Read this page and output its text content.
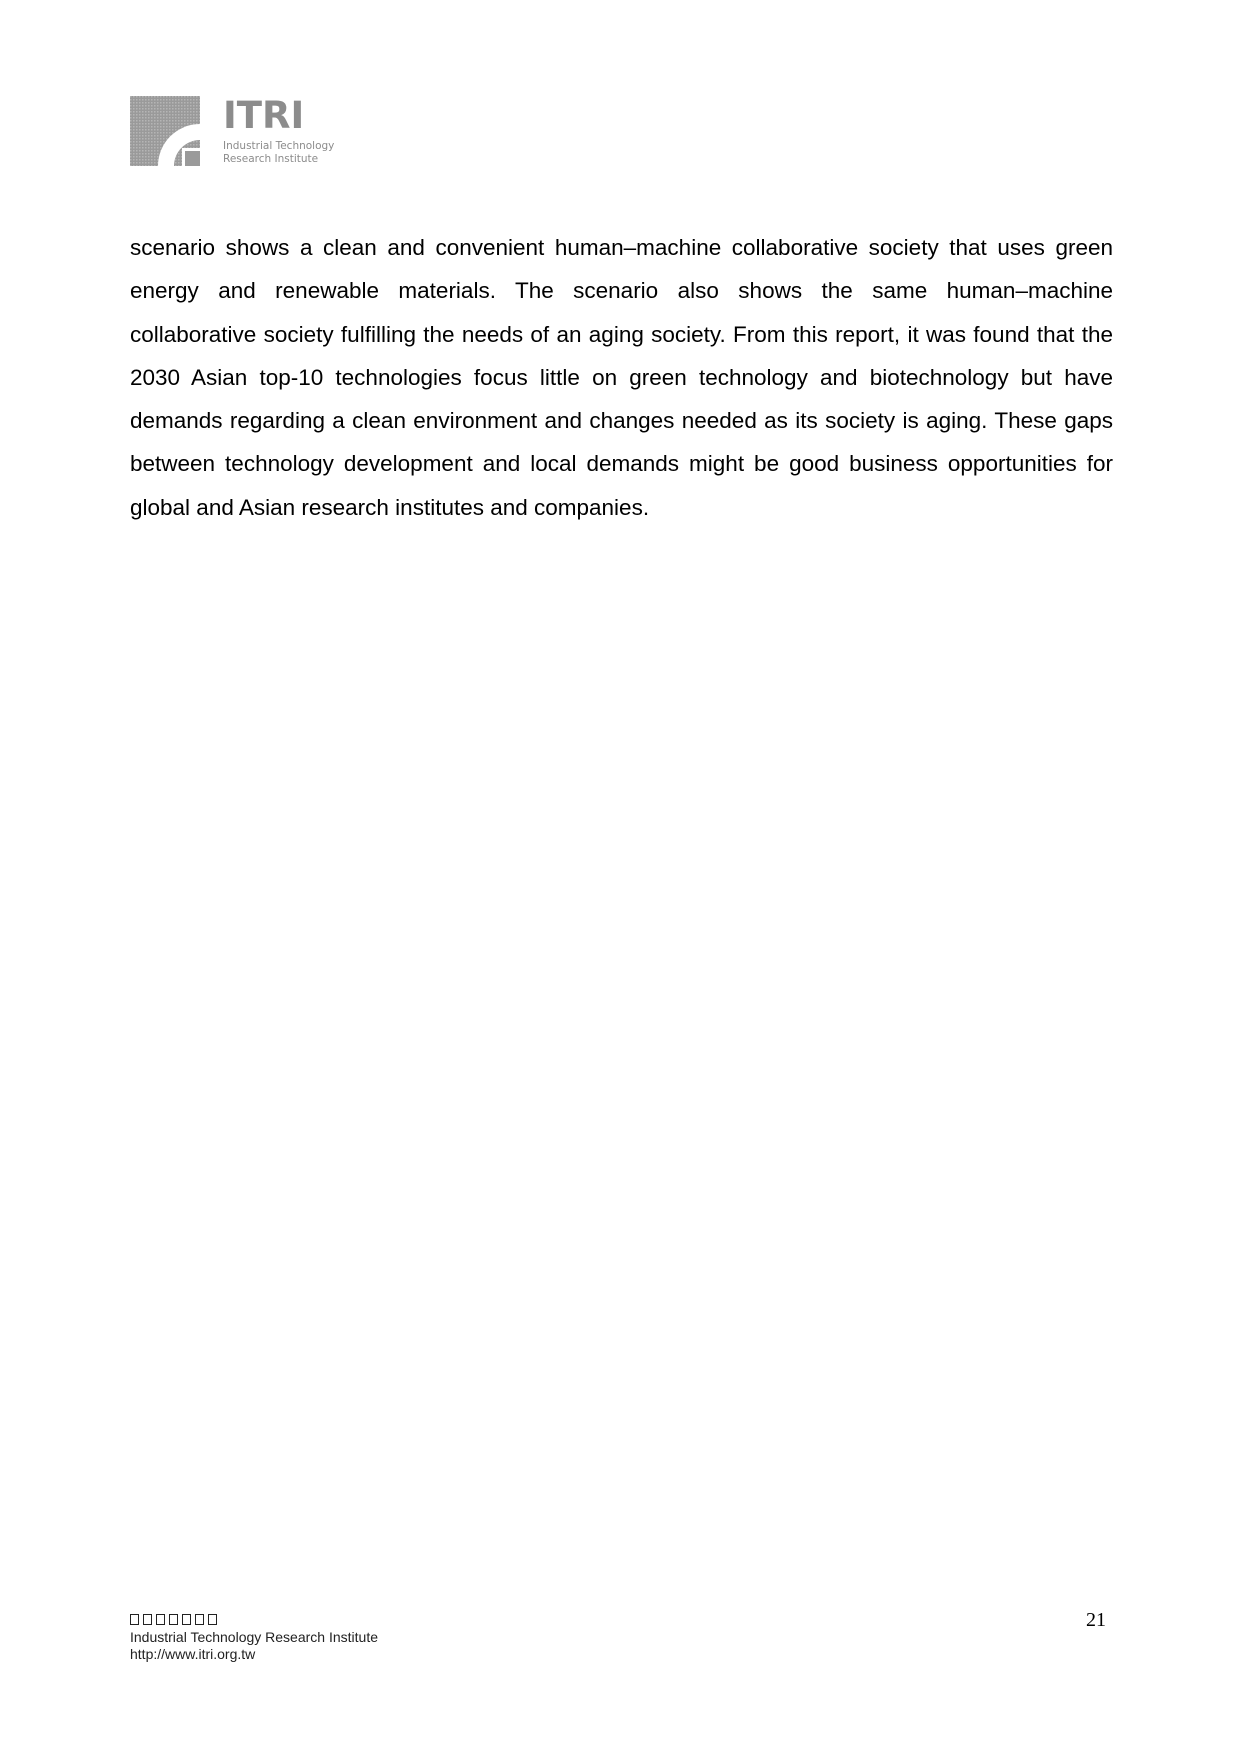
ITRI
Industrial Technology
Research Institute

scenario shows a clean and convenient human–machine collaborative society that uses green energy and renewable materials. The scenario also shows the same human–machine collaborative society fulfilling the needs of an aging society. From this report, it was found that the 2030 Asian top-10 technologies focus little on green technology and biotechnology but have demands regarding a clean environment and changes needed as its society is aging. These gaps between technology development and local demands might be good business opportunities for global and Asian research institutes and companies.

Industrial Technology Research Institute
http://www.itri.org.tw
21
